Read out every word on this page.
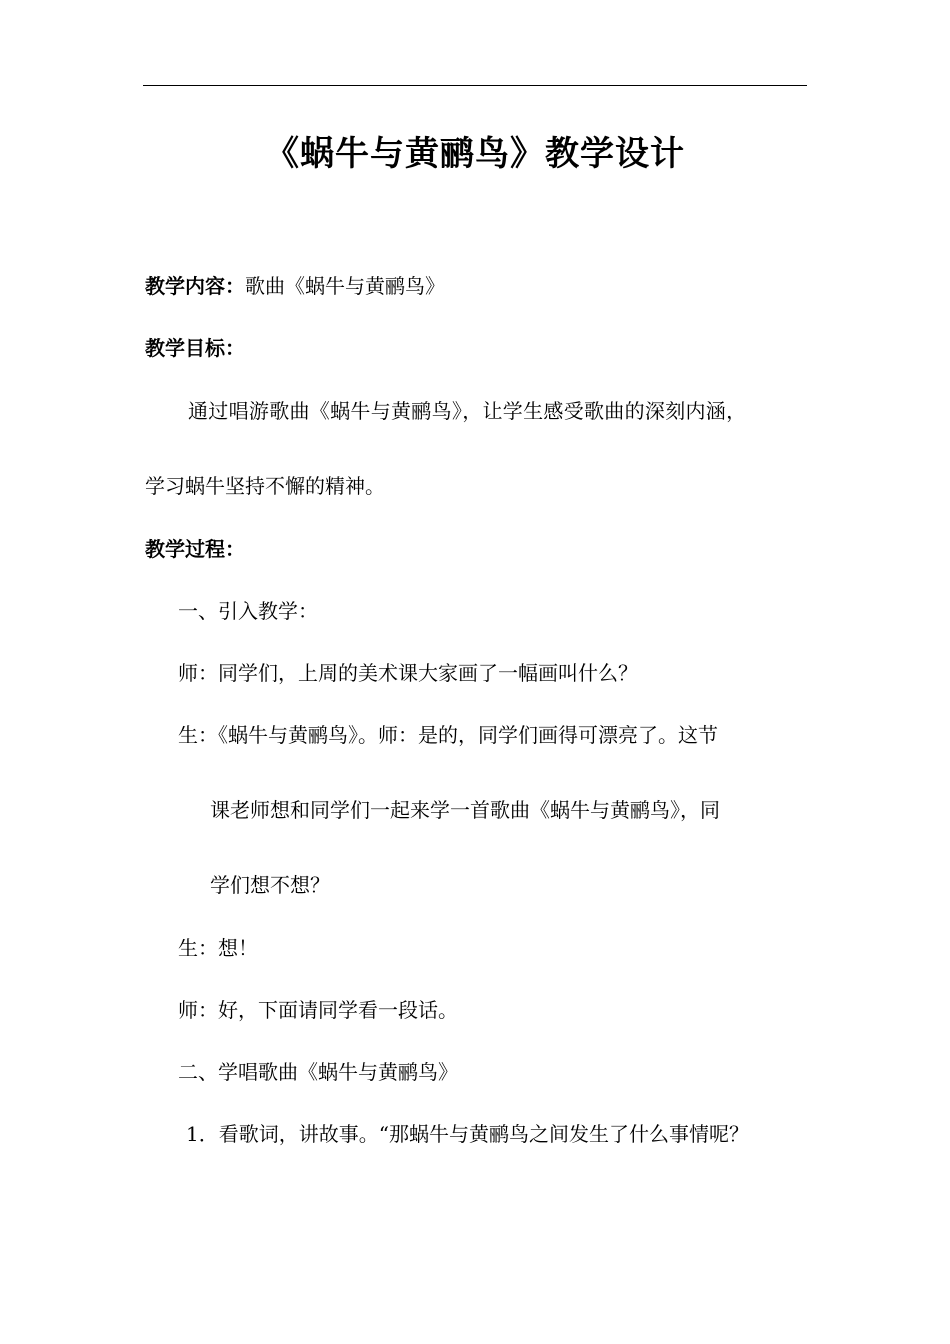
《蜗牛与黄鹂鸟》教学设计
教学内容：歌曲《蜗牛与黄鹂鸟》
教学目标：
通过唱游歌曲《蜗牛与黄鹂鸟》，让学生感受歌曲的深刻内涵，
学习蜗牛坚持不懈的精神。
教学过程：
一、引入教学：
师：同学们，上周的美术课大家画了一幅画叫什么？
生：《蜗牛与黄鹂鸟》。师：是的，同学们画得可漂亮了。这节
课老师想和同学们一起来学一首歌曲《蜗牛与黄鹂鸟》，同
学们想不想？
生：想！
师：好，下面请同学看一段话。
二、学唱歌曲《蜗牛与黄鹂鸟》
1．看歌词，讲故事。“那蜗牛与黄鹂鸟之间发生了什么事情呢？
